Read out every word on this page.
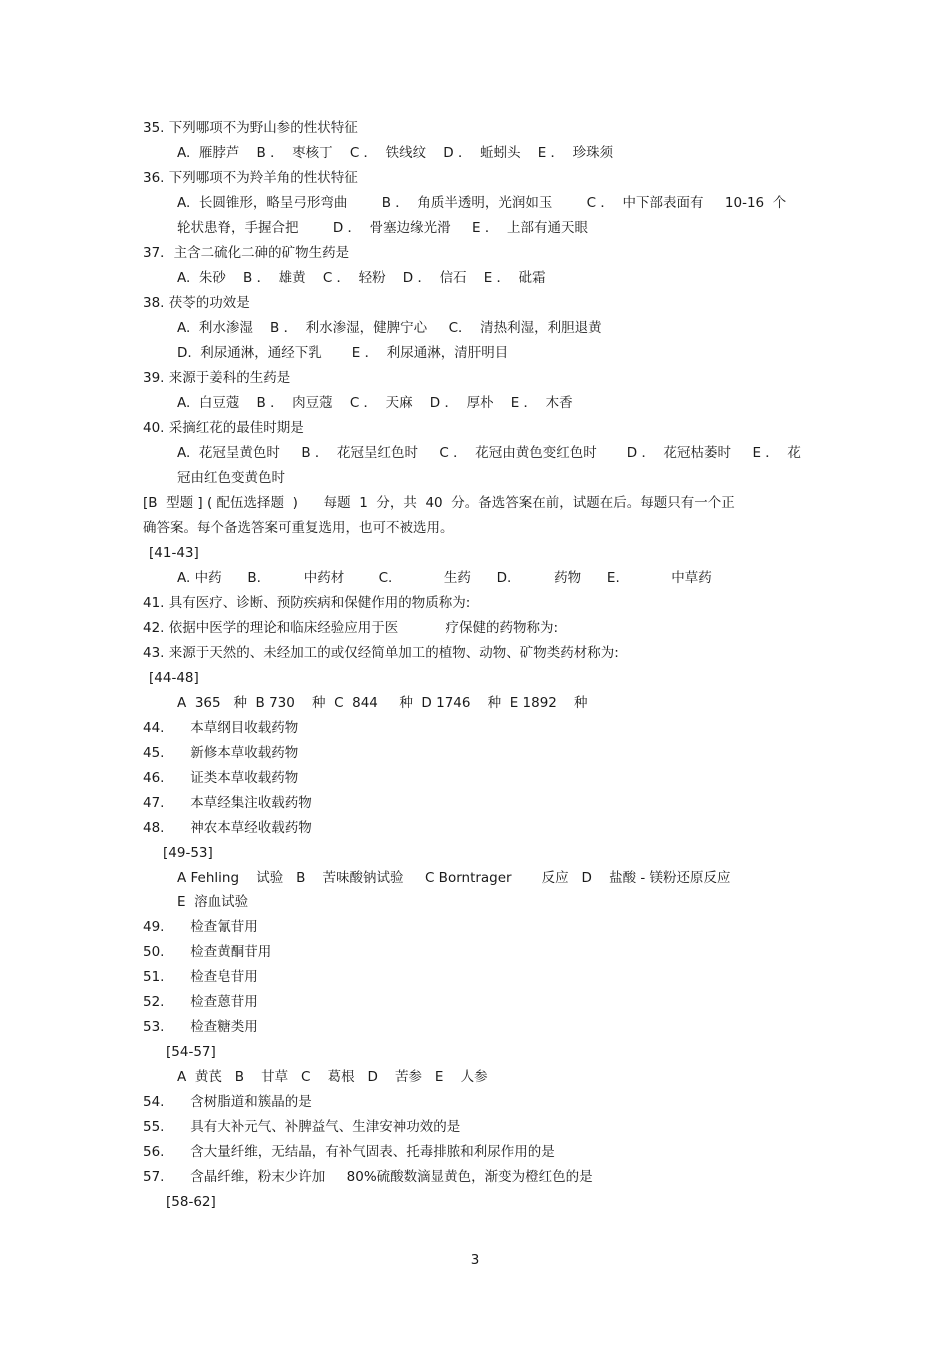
35. 下列哪项不为野山参的性状特征
A.  雁脖芦    B ．  枣核丁    C ．  铁线纹    D ．  蚯蚓头    E ．  珍珠须
36. 下列哪项不为羚羊角的性状特征
A.  长圆锥形，略呈弓形弯曲        B ．  角质半透明，光润如玉        C ．  中下部表面有     10-16  个
轮状患脊，手握合把        D ．  骨塞边缘光滑     E ．  上部有通天眼
37．主含二硫化二砷的矿物生药是
A.  朱砂    B ．  雄黄    C ．  轻粉    D ．  信石    E ．  砒霜
38. 茯苓的功效是
A.  利水渗湿    B ．  利水渗湿，健脾宁心     C．  清热利湿，利胆退黄
D.  利尿通淋，通经下乳       E ．  利尿通淋，清肝明目
39. 来源于姜科的生药是
A.  白豆蔻    B ．  肉豆蔻    C ．  天麻    D ．  厚朴    E ．  木香
40. 采摘红花的最佳时期是
A.  花冠呈黄色时     B ．  花冠呈红色时     C ．  花冠由黄色变红色时       D ．  花冠枯萎时     E ．  花
冠由红色变黄色时
[B  型题 ] ( 配伍选择题  )      每题  1  分，共  40  分。备选答案在前，试题在后。每题只有一个正
确答案。每个备选答案可重复选用，也可不被选用。
[41-43]
A. 中药      B.          中药材        C.            生药      D.          药物      E.            中草药
41. 具有医疗、诊断、预防疾病和保健作用的物质称为:
42. 依据中医学的理论和临床经验应用于医           疗保健的药物称为:
43. 来源于天然的、未经加工的或仅经简单加工的植物、动物、矿物类药材称为:
[44-48]
A  365   种  B 730    种  C  844     种  D 1746    种  E 1892    种
44.      本草纲目收载药物
45.      新修本草收载药物
46.      证类本草收载药物
47.      本草经集注收载药物
48.      神农本草经收载药物
[49-53]
A Fehling    试验   B    苦味酸钠试验     C Borntrager       反应   D    盐酸 - 镁粉还原反应
E  溶血试验
49.      检查氰苷用
50.      检查黄酮苷用
51.      检查皂苷用
52.      检查蒽苷用
53.      检查糖类用
[54-57]
A  黄芪   B    甘草   C    葛根   D    苦参   E    人参
54.      含树脂道和簇晶的是
55.      具有大补元气、补脾益气、生津安神功效的是
56.      含大量纤维，无结晶，有补气固表、托毒排脓和利尿作用的是
57.      含晶纤维，粉末少许加     80%硫酸数滴显黄色，渐变为橙红色的是
[58-62]
3
